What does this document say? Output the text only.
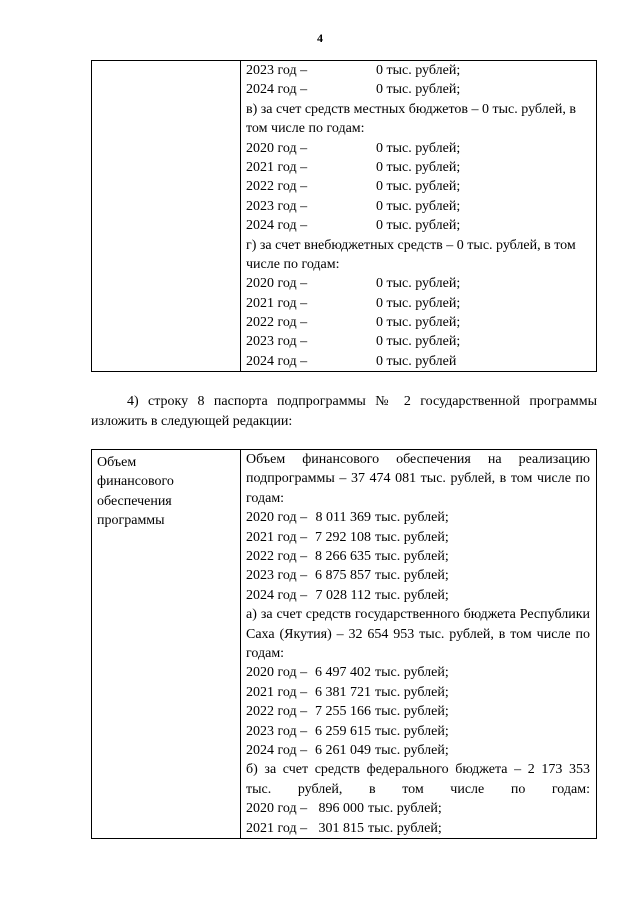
4

2023 год –	0 тыс. рублей;
2024 год –	0 тыс. рублей;
в) за счет средств местных бюджетов – 0 тыс. рублей, в
том числе по годам:
2020 год –	0 тыс. рублей;
2021 год –	0 тыс. рублей;
2022 год –	0 тыс. рублей;
2023 год –	0 тыс. рублей;
2024 год –	0 тыс. рублей;
г) за счет внебюджетных средств – 0 тыс. рублей, в том
числе по годам:
2020 год –	0 тыс. рублей;
2021 год –	0 тыс. рублей;
2022 год –	0 тыс. рублей;
2023 год –	0 тыс. рублей;
2024 год –	0 тыс. рублей
4) строку 8 паспорта подпрограммы № 2 государственной программы
изложить в следующей редакции:
Объем
финансового
обеспечения
программы

Объем финансового обеспечения на реализацию подпрограммы – 37 474 081 тыс. рублей, в том числе по годам:
2020 год – 8 011 369 тыс. рублей;
2021 год – 7 292 108 тыс. рублей;
2022 год – 8 266 635 тыс. рублей;
2023 год – 6 875 857 тыс. рублей;
2024 год – 7 028 112 тыс. рублей;
а) за счет средств государственного бюджета Республики Саха (Якутия) – 32 654 953 тыс. рублей, в том числе по годам:
2020 год – 6 497 402 тыс. рублей;
2021 год – 6 381 721 тыс. рублей;
2022 год – 7 255 166 тыс. рублей;
2023 год – 6 259 615 тыс. рублей;
2024 год – 6 261 049 тыс. рублей;
б) за счет средств федерального бюджета – 2 173 353 тыс. рублей, в том числе по годам:
2020 год – 896 000 тыс. рублей;
2021 год – 301 815 тыс. рублей;
